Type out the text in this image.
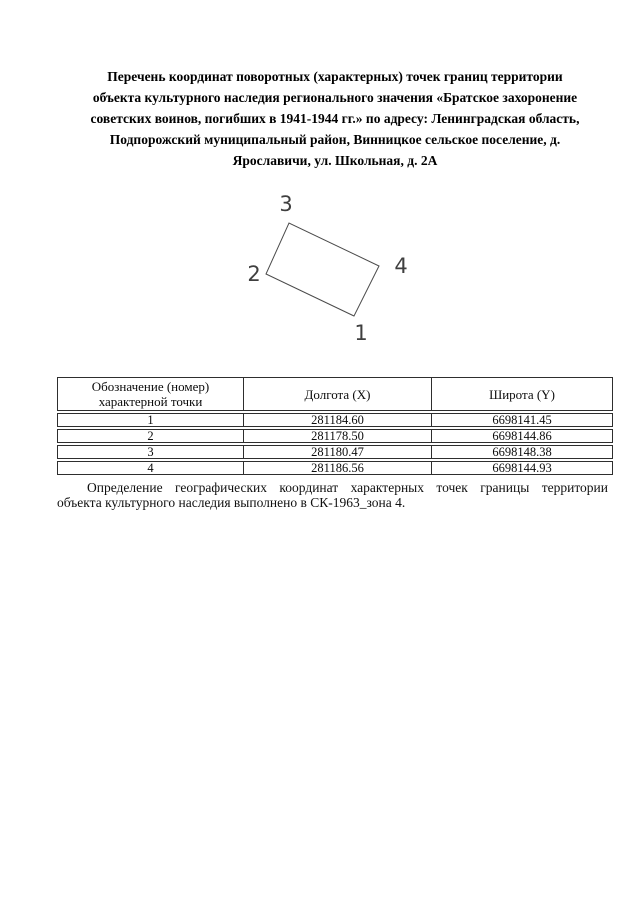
Перечень координат поворотных (характерных) точек границ территории
объекта культурного наследия регионального значения «Братское захоронение
советских воинов, погибших в 1941-1944 гг.» по адресу: Ленинградская область,
Подпорожский муниципальный район, Винницкое сельское поселение, д.
Ярославичи, ул. Школьная, д. 2А
1
2
3
4
Обозначение (номер) характерной точки	Долгота (X)	Широта (Y)
1	281184.60	6698141.45
2	281178.50	6698144.86
3	281180.47	6698148.38
4	281186.56	6698144.93
Определение географических координат характерных точек границы территории
объекта культурного наследия выполнено в СК-1963_зона 4.
